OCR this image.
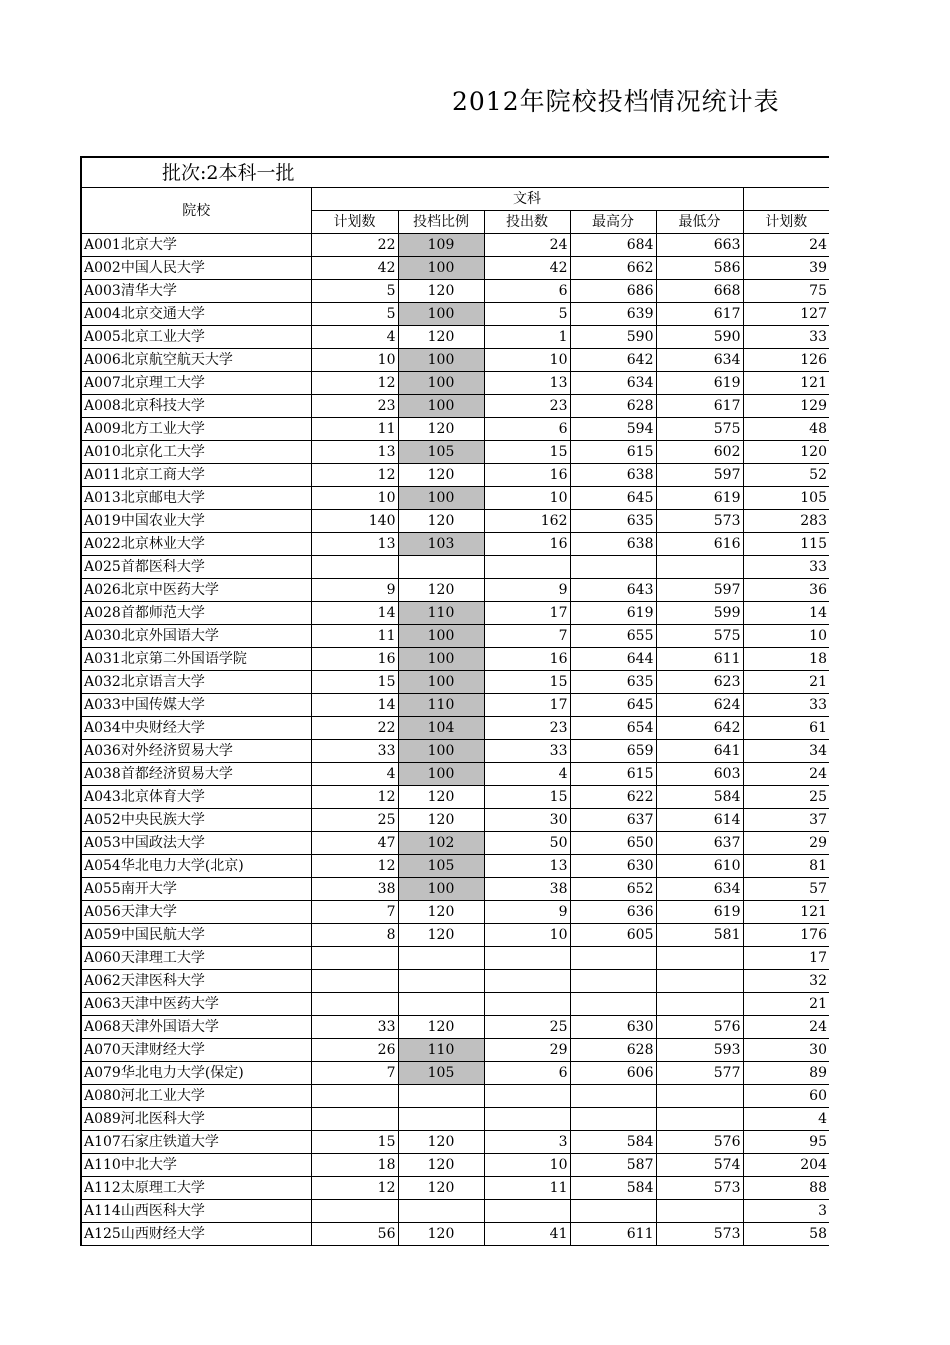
2012年院校投档情况统计表
批次:2本科一批						
院校	文科					
	计划数	投档比例	投出数	最高分	最低分	计划数
A001北京大学	22	109	24	684	663	24
A002中国人民大学	42	100	42	662	586	39
A003清华大学	5	120	6	686	668	75
A004北京交通大学	5	100	5	639	617	127
A005北京工业大学	4	120	1	590	590	33
A006北京航空航天大学	10	100	10	642	634	126
A007北京理工大学	12	100	13	634	619	121
A008北京科技大学	23	100	23	628	617	129
A009北方工业大学	11	120	6	594	575	48
A010北京化工大学	13	105	15	615	602	120
A011北京工商大学	12	120	16	638	597	52
A013北京邮电大学	10	100	10	645	619	105
A019中国农业大学	140	120	162	635	573	283
A022北京林业大学	13	103	16	638	616	115
A025首都医科大学						33
A026北京中医药大学	9	120	9	643	597	36
A028首都师范大学	14	110	17	619	599	14
A030北京外国语大学	11	100	7	655	575	10
A031北京第二外国语学院	16	100	16	644	611	18
A032北京语言大学	15	100	15	635	623	21
A033中国传媒大学	14	110	17	645	624	33
A034中央财经大学	22	104	23	654	642	61
A036对外经济贸易大学	33	100	33	659	641	34
A038首都经济贸易大学	4	100	4	615	603	24
A043北京体育大学	12	120	15	622	584	25
A052中央民族大学	25	120	30	637	614	37
A053中国政法大学	47	102	50	650	637	29
A054华北电力大学(北京)	12	105	13	630	610	81
A055南开大学	38	100	38	652	634	57
A056天津大学	7	120	9	636	619	121
A059中国民航大学	8	120	10	605	581	176
A060天津理工大学						17
A062天津医科大学						32
A063天津中医药大学						21
A068天津外国语大学	33	120	25	630	576	24
A070天津财经大学	26	110	29	628	593	30
A079华北电力大学(保定)	7	105	6	606	577	89
A080河北工业大学						60
A089河北医科大学						4
A107石家庄铁道大学	15	120	3	584	576	95
A110中北大学	18	120	10	587	574	204
A112太原理工大学	12	120	11	584	573	88
A114山西医科大学						3
A125山西财经大学	56	120	41	611	573	58
